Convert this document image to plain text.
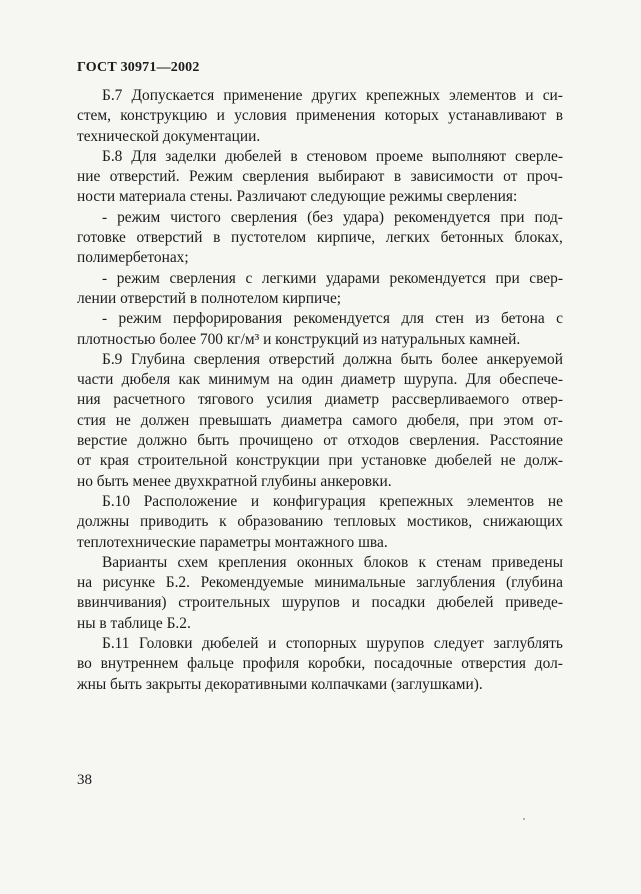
ГОСТ 30971—2002
Б.7 Допускается применение других крепежных элементов и си-
стем, конструкцию и условия применения которых устанавливают в
технической документации.
Б.8 Для заделки дюбелей в стеновом проеме выполняют сверле-
ние отверстий. Режим сверления выбирают в зависимости от проч-
ности материала стены. Различают следующие режимы сверления:
- режим чистого сверления (без удара) рекомендуется при под-
готовке отверстий в пустотелом кирпиче, легких бетонных блоках,
полимербетонах;
- режим сверления с легкими ударами рекомендуется при свер-
лении отверстий в полнотелом кирпиче;
- режим перфорирования рекомендуется для стен из бетона с
плотностью более 700 кг/м³ и конструкций из натуральных камней.
Б.9 Глубина сверления отверстий должна быть более анкеруемой
части дюбеля как минимум на один диаметр шурупа. Для обеспече-
ния расчетного тягового усилия диаметр рассверливаемого отвер-
стия не должен превышать диаметра самого дюбеля, при этом от-
верстие должно быть прочищено от отходов сверления. Расстояние
от края строительной конструкции при установке дюбелей не долж-
но быть менее двухкратной глубины анкеровки.
Б.10 Расположение и конфигурация крепежных элементов не
должны приводить к образованию тепловых мостиков, снижающих
теплотехнические параметры монтажного шва.
Варианты схем крепления оконных блоков к стенам приведены
на рисунке Б.2. Рекомендуемые минимальные заглубления (глубина
ввинчивания) строительных шурупов и посадки дюбелей приведе-
ны в таблице Б.2.
Б.11 Головки дюбелей и стопорных шурупов следует заглублять
во внутреннем фальце профиля коробки, посадочные отверстия дол-
жны быть закрыты декоративными колпачками (заглушками).
38
